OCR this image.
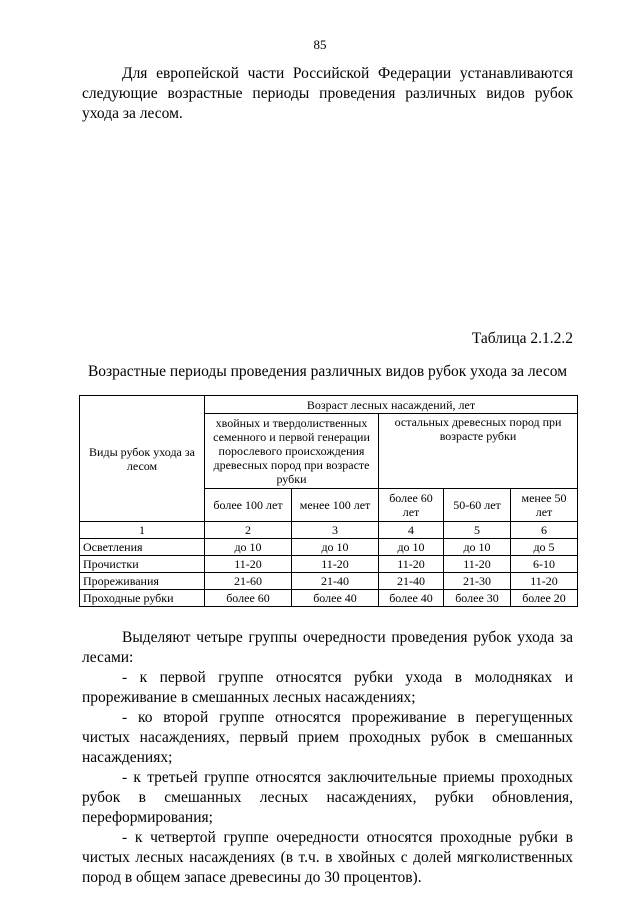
85

Для европейской части Российской Федерации устанавливаются следующие возрастные периоды проведения различных видов рубок ухода за лесом.

Таблица 2.1.2.2
Возрастные периоды проведения различных видов рубок ухода за лесом
Виды рубок ухода за лесом	Возраст лесных насаждений, лет				
	хвойных и твердолиственных семенного и первой генерации порослевого происхождения древесных пород при возрасте рубки		остальных древесных пород при возрасте рубки		
	более 100 лет	менее 100 лет	более 60 лет	50-60 лет	менее 50 лет
1	2	3	4	5	6
Осветления	до 10	до 10	до 10	до 10	до 5
Прочистки	11-20	11-20	11-20	11-20	6-10
Прореживания	21-60	21-40	21-40	21-30	11-20
Проходные рубки	более 60	более 40	более 40	более 30	более 20

Выделяют четыре группы очередности проведения рубок ухода за лесами:

- к первой группе относятся рубки ухода в молодняках и прореживание в смешанных лесных насаждениях;

- ко второй группе относятся прореживание в перегущенных чистых насаждениях, первый прием проходных рубок в смешанных насаждениях;

- к третьей группе относятся заключительные приемы проходных рубок в смешанных лесных насаждениях, рубки обновления, переформирования;

- к четвертой группе очередности относятся проходные рубки в чистых лесных насаждениях (в т.ч. в хвойных с долей мягколиственных пород в общем запасе древесины до 30 процентов).
